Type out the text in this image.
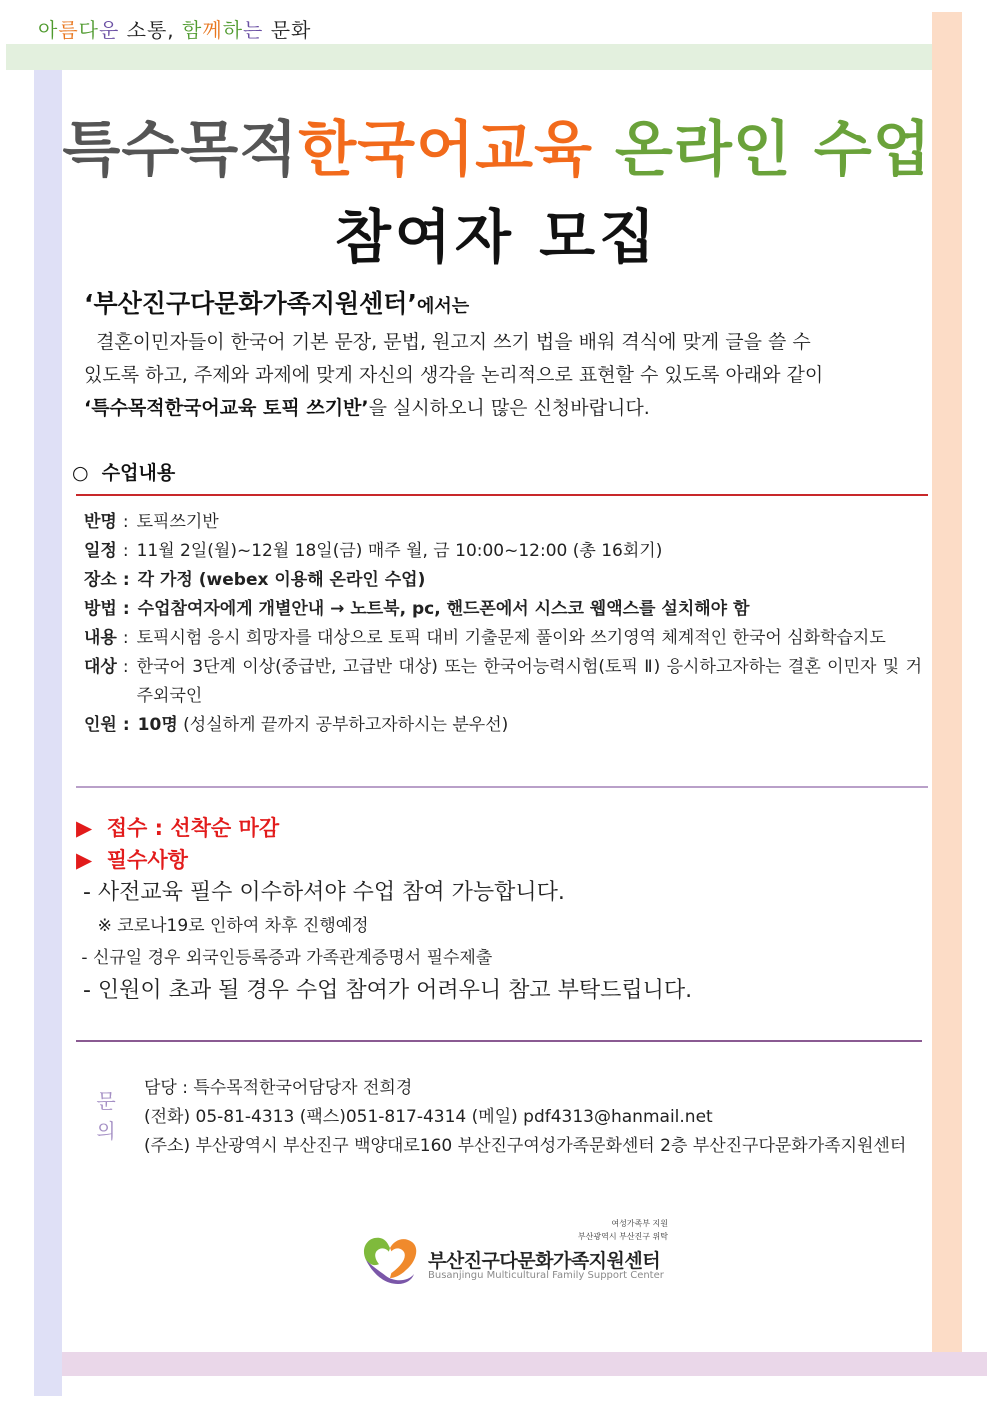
아름다운 소통, 함께하는 문화
특수목적한국어교육 온라인 수업
참여자 모집
‘부산진구다문화가족지원센터’에서는

결혼이민자들이 한국어 기본 문장, 문법, 원고지 쓰기 법을 배워 격식에 맞게 글을 쓸 수

있도록 하고, 주제와 과제에 맞게 자신의 생각을 논리적으로 표현할 수 있도록 아래와 같이

‘특수목적한국어교육 토픽 쓰기반’을 실시하오니 많은 신청바랍니다.

○  수업내용
반명 : 토픽쓰기반
일정 : 11월 2일(월)~12월 18일(금) 매주 월, 금 10:00~12:00 (총 16회기)
장소 : 각 가정 (webex 이용해 온라인 수업)
방법 : 수업참여자에게 개별안내 → 노트북, pc, 핸드폰에서 시스코 웹액스를 설치해야 함
내용 : 토픽시험 응시 희망자를 대상으로 토픽 대비 기출문제 풀이와 쓰기영역 체계적인 한국어 심화학습지도
대상 : 한국어 3단계 이상(중급반, 고급반 대상) 또는 한국어능력시험(토픽 Ⅱ) 응시하고자하는 결혼 이민자 및 거주외국인
인원 : 10명 (성실하게 끝까지 공부하고자하시는 분우선)
▶  접수 : 선착순 마감
▶  필수사항
- 사전교육 필수 이수하셔야 수업 참여 가능합니다.
※ 코로나19로 인하여 차후 진행예정
- 신규일 경우 외국인등록증과 가족관계증명서 필수제출
- 인원이 초과 될 경우 수업 참여가 어려우니 참고 부탁드립니다.
문
의
담당 : 특수목적한국어담당자 전희경
(전화) 05-81-4313 (팩스)051-817-4314 (메일) pdf4313@hanmail.net
(주소) 부산광역시 부산진구 백양대로160 부산진구여성가족문화센터 2층 부산진구다문화가족지원센터
여성가족부 지원
부산광역시 부산진구 위탁
부산진구다문화가족지원센터
Busanjingu Multicultural Family Support Center
